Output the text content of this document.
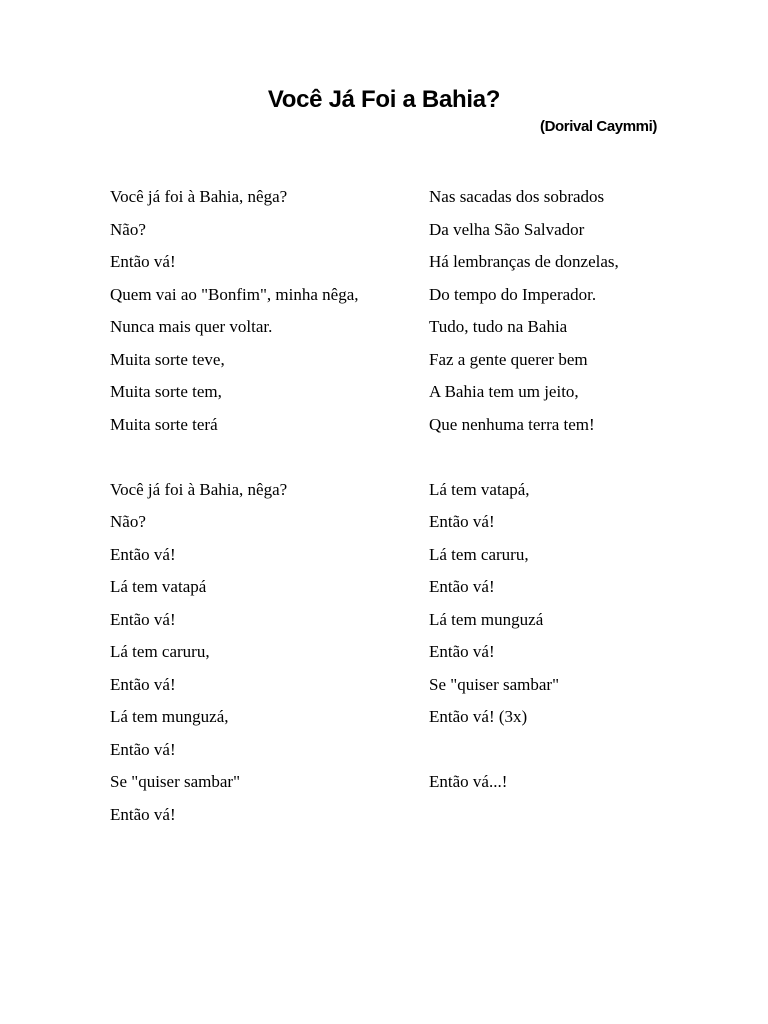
Você Já Foi a Bahia?
(Dorival Caymmi)
Você já foi à Bahia, nêga?
Não?
Então vá!
Quem vai ao "Bonfim", minha nêga,
Nunca mais quer voltar.
Muita sorte teve,
Muita sorte tem,
Muita sorte terá
Você já foi à Bahia, nêga?
Não?
Então vá!
Lá tem vatapá
Então vá!
Lá tem caruru,
Então vá!
Lá tem munguzá,
Então vá!
Se "quiser sambar"
Então vá!
Nas sacadas dos sobrados
Da velha São Salvador
Há lembranças de donzelas,
Do tempo do Imperador.
Tudo, tudo na Bahia
Faz a gente querer bem
A Bahia tem um jeito,
Que nenhuma terra tem!
Lá tem vatapá,
Então vá!
Lá tem caruru,
Então vá!
Lá tem munguzá
Então vá!
Se "quiser sambar"
Então vá! (3x)
Então vá...!
